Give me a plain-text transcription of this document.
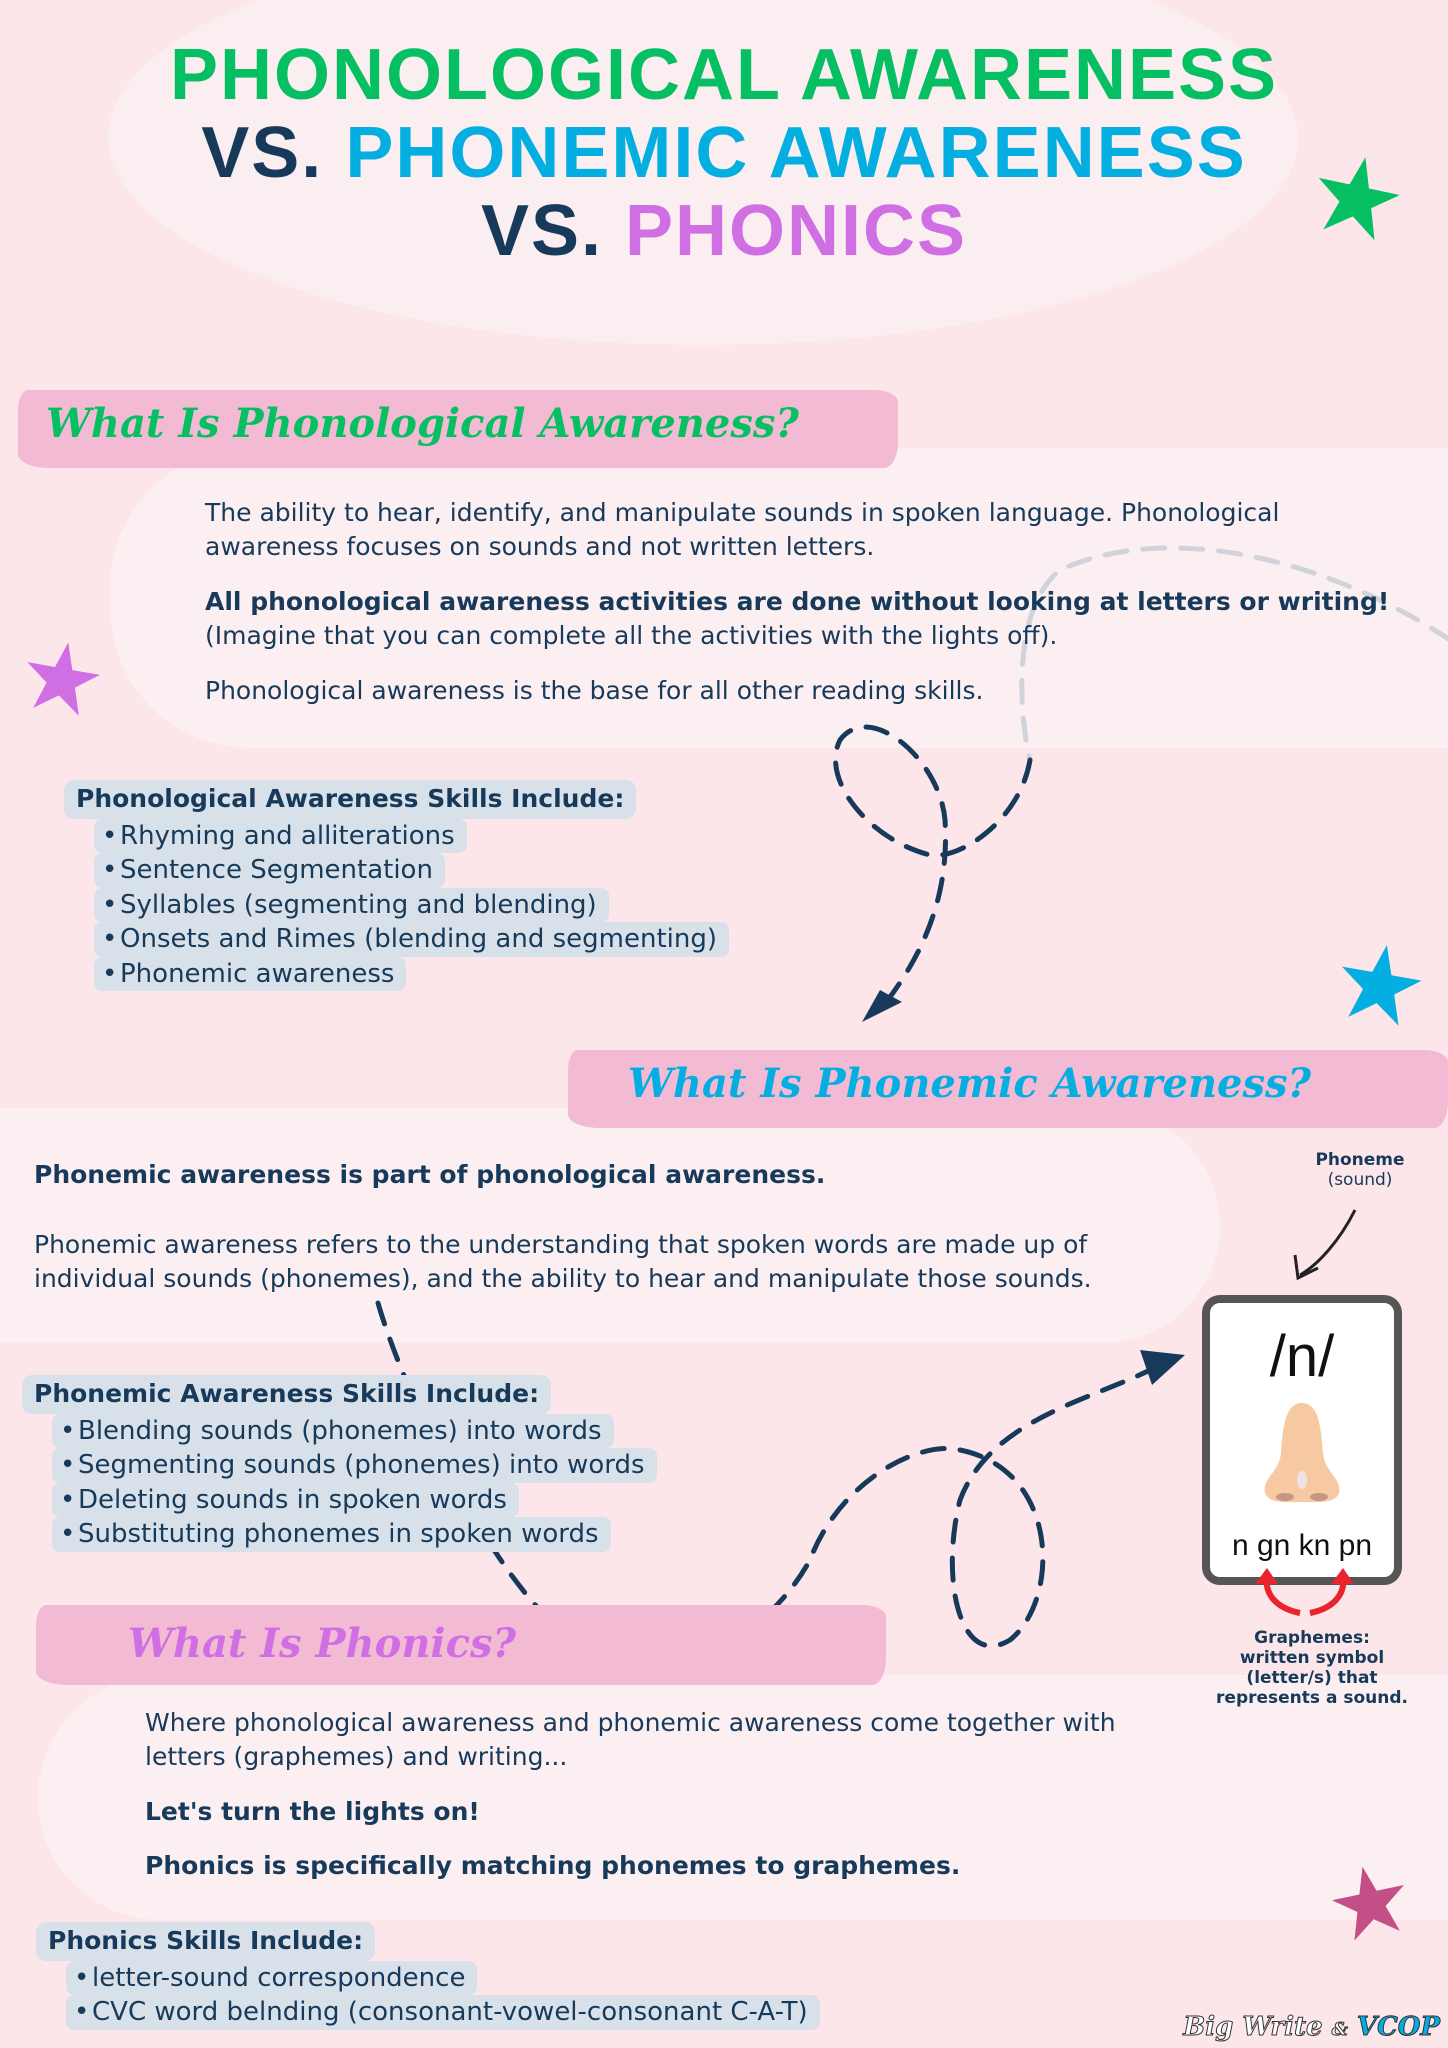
PHONOLOGICAL AWARENESS
VS. PHONEMIC AWARENESS
VS. PHONICS
What Is Phonological Awareness?
The ability to hear, identify, and manipulate sounds in spoken language. Phonological awareness focuses on sounds and not written letters.
All phonological awareness activities are done without looking at letters or writing!
(Imagine that you can complete all the activities with the lights off).
Phonological awareness is the base for all other reading skills.
Phonological Awareness Skills Include:
• Rhyming and alliterations
• Sentence Segmentation
• Syllables (segmenting and blending)
• Onsets and Rimes (blending and segmenting)
• Phonemic awareness
What Is Phonemic Awareness?
Phonemic awareness is part of phonological awareness.
Phonemic awareness refers to the understanding that spoken words are made up of individual sounds (phonemes), and the ability to hear and manipulate those sounds.
Phonemic Awareness Skills Include:
• Blending sounds (phonemes) into words
• Segmenting sounds (phonemes) into words
• Deleting sounds in spoken words
• Substituting phonemes in spoken words
Phoneme
(sound)
/n/
n gn kn pn
Graphemes:
written symbol
(letter/s) that
represents a sound.
What Is Phonics?
Where phonological awareness and phonemic awareness come together with letters (graphemes) and writing...
Let's turn the lights on!
Phonics is specifically matching phonemes to graphemes.
Phonics Skills Include:
• letter-sound correspondence
• CVC word belnding (consonant-vowel-consonant C-A-T)	Big Write & VCOP
